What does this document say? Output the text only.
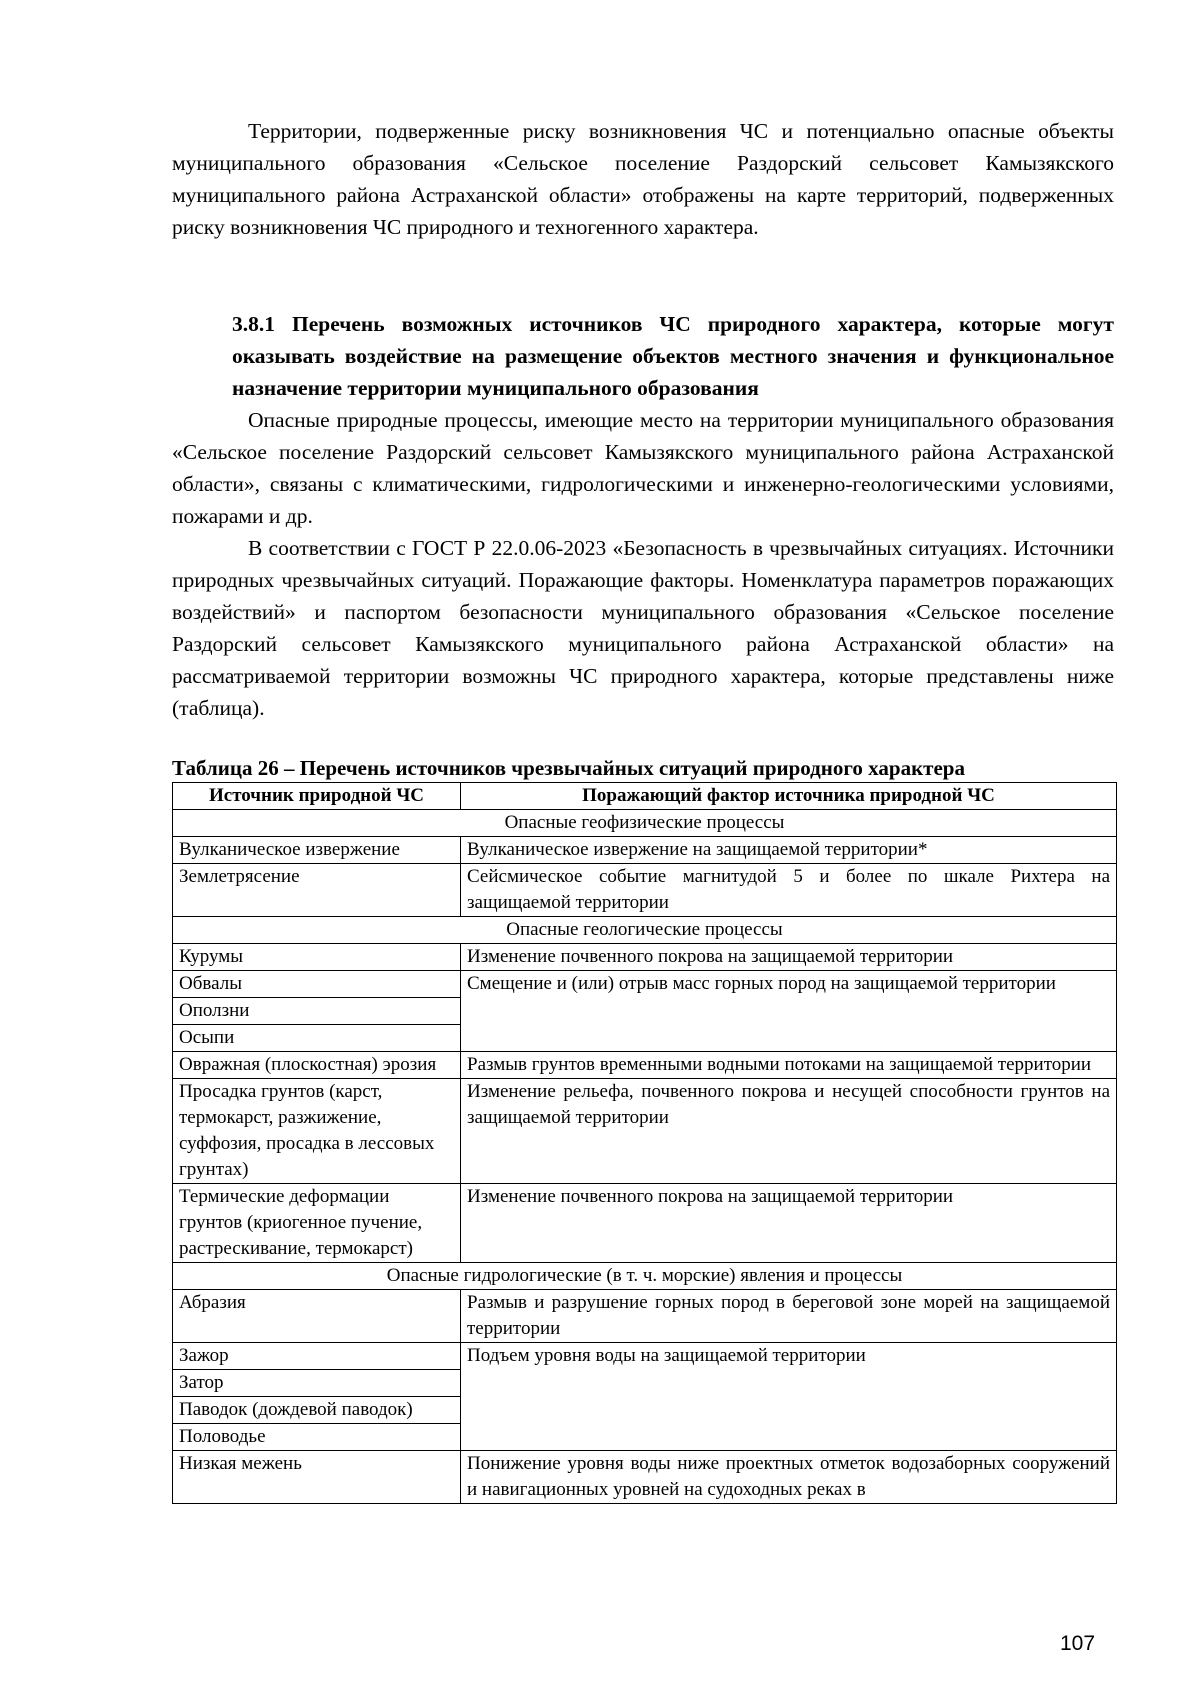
Территории, подверженные риску возникновения ЧС и потенциально опасные объекты муниципального образования «Сельское поселение Раздорский сельсовет Камызякского муниципального района Астраханской области» отображены на карте территорий, подверженных риску возникновения ЧС природного и техногенного характера.
3.8.1 Перечень возможных источников ЧС природного характера, которые могут оказывать воздействие на размещение объектов местного значения и функциональное назначение территории муниципального образования
Опасные природные процессы, имеющие место на территории муниципального образования «Сельское поселение Раздорский сельсовет Камызякского муниципального района Астраханской области», связаны с климатическими, гидрологическими и инженерно-геологическими условиями, пожарами и др.
В соответствии с ГОСТ Р 22.0.06-2023 «Безопасность в чрезвычайных ситуациях. Источники природных чрезвычайных ситуаций. Поражающие факторы. Номенклатура параметров поражающих воздействий» и паспортом безопасности муниципального образования «Сельское поселение Раздорский сельсовет Камызякского муниципального района Астраханской области» на рассматриваемой территории возможны ЧС природного характера, которые представлены ниже (таблица).
Таблица 26 – Перечень источников чрезвычайных ситуаций природного характера
Источник природной ЧС	Поражающий фактор источника природной ЧС
Опасные геофизические процессы	
Вулканическое извержение	Вулканическое извержение на защищаемой территории*
Землетрясение	Сейсмическое событие магнитудой 5 и более по шкале Рихтера на защищаемой территории
Опасные геологические процессы	
Курумы	Изменение почвенного покрова на защищаемой территории
Обвалы	Смещение и (или) отрыв масс горных пород на защищаемой территории
Оползни	
Осыпи	
Овражная (плоскостная) эрозия	Размыв грунтов временными водными потоками на защищаемой территории
Просадка грунтов (карст, термокарст, разжижение, суффозия, просадка в лессовых грунтах)	Изменение рельефа, почвенного покрова и несущей способности грунтов на защищаемой территории
Термические деформации грунтов (криогенное пучение, растрескивание, термокарст)	Изменение почвенного покрова на защищаемой территории
Опасные гидрологические (в т. ч. морские) явления и процессы	
Абразия	Размыв и разрушение горных пород в береговой зоне морей на защищаемой территории
Зажор	Подъем уровня воды на защищаемой территории
Затор	
Паводок (дождевой паводок)	
Половодье	
Низкая межень	Понижение уровня воды ниже проектных отметок водозаборных сооружений и навигационных уровней на судоходных реках в
107
